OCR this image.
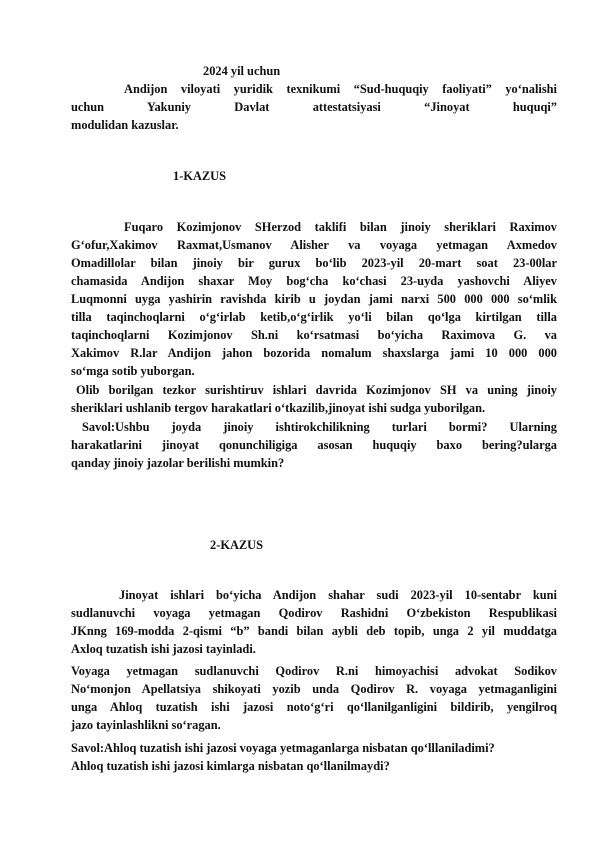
2024 yil uchun
Andijon viloyati yuridik texnikumi “Sud-huquqiy faoliyati” yo‘nalishi
uchun Yakuniy Davlat attestatsiyasi “Jinoyat huquqi”
modulidan kazuslar.
1-KAZUS
Fuqaro Kozimjonov SHerzod taklifi bilan jinoiy sheriklari Raximov
G‘ofur,Xakimov Raxmat,Usmanov Alisher va voyaga yetmagan Axmedov
Omadillolar bilan jinoiy bir gurux bo‘lib 2023-yil 20-mart soat 23-00lar
chamasida Andijon shaxar Moy bog‘cha ko‘chasi 23-uyda yashovchi Aliyev
Luqmonni uyga yashirin ravishda kirib u joydan jami narxi 500 000 000 so‘mlik
tilla taqinchoqlarni o‘g‘irlab ketib,o‘g‘irlik yo‘li bilan qo‘lga kirtilgan tilla
taqinchoqlarni Kozimjonov Sh.ni ko‘rsatmasi bo‘yicha Raximova G. va
Xakimov R.lar Andijon jahon bozorida nomalum shaxslarga jami 10 000 000
so‘mga sotib yuborgan.
Olib borilgan tezkor surishtiruv ishlari davrida Kozimjonov SH va uning jinoiy
sheriklari ushlanib tergov harakatlari o‘tkazilib,jinoyat ishi sudga yuborilgan.
Savol:Ushbu joyda jinoiy ishtirokchilikning turlari bormi? Ularning
harakatlarini jinoyat qonunchiligiga asosan huquqiy baxo bering?ularga
qanday jinoiy jazolar berilishi mumkin?
2-KAZUS
Jinoyat ishlari bo‘yicha Andijon shahar sudi 2023-yil 10-sentabr kuni
sudlanuvchi voyaga yetmagan Qodirov Rashidni O‘zbekiston Respublikasi
JKnng 169-modda 2-qismi “b” bandi bilan aybli deb topib, unga 2 yil muddatga
Axloq tuzatish ishi jazosi tayinladi.
Voyaga yetmagan sudlanuvchi Qodirov R.ni himoyachisi advokat Sodikov
No‘monjon Apellatsiya shikoyati yozib unda Qodirov R. voyaga yetmaganligini
unga Ahloq tuzatish ishi jazosi noto‘g‘ri qo‘llanilganligini bildirib, yengilroq
jazo tayinlashlikni so‘ragan.
Savol:Ahloq tuzatish ishi jazosi voyaga yetmaganlarga nisbatan qo‘lllaniladimi?
Ahloq tuzatish ishi jazosi kimlarga nisbatan qo‘llanilmaydi?
